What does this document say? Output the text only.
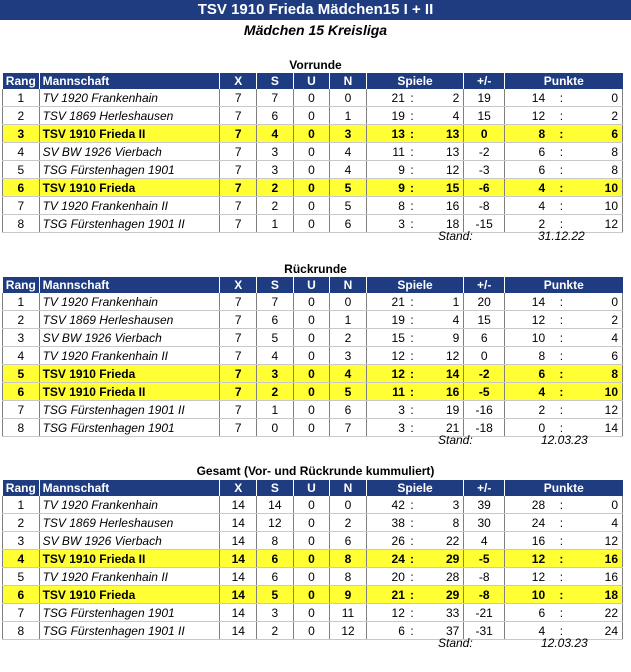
TSV 1910 Frieda Mädchen15 I + II
Mädchen 15 Kreisliga
Vorrunde
Rang	Mannschaft	X	S	U	N	Spiele			+/-	Punkte		
1	TV 1920 Frankenhain	7	7	0	0	21	:	2	19	14	:	0
2	TSV 1869 Herleshausen	7	6	0	1	19	:	4	15	12	:	2
3	TSV 1910 Frieda II	7	4	0	3	13	:	13	0	8	:	6
4	SV BW 1926 Vierbach	7	3	0	4	11	:	13	-2	6	:	8
5	TSG Fürstenhagen 1901	7	3	0	4	9	:	12	-3	6	:	8
6	TSV 1910 Frieda	7	2	0	5	9	:	15	-6	4	:	10
7	TV 1920 Frankenhain II	7	2	0	5	8	:	16	-8	4	:	10
8	TSG Fürstenhagen 1901 II	7	1	0	6	3	:	18	-15	2	:	12
Stand:	31.12.22
Rückrunde
Rang	Mannschaft	X	S	U	N	Spiele			+/-	Punkte		
1	TV 1920 Frankenhain	7	7	0	0	21	:	1	20	14	:	0
2	TSV 1869 Herleshausen	7	6	0	1	19	:	4	15	12	:	2
3	SV BW 1926 Vierbach	7	5	0	2	15	:	9	6	10	:	4
4	TV 1920 Frankenhain II	7	4	0	3	12	:	12	0	8	:	6
5	TSV 1910 Frieda	7	3	0	4	12	:	14	-2	6	:	8
6	TSV 1910 Frieda II	7	2	0	5	11	:	16	-5	4	:	10
7	TSG Fürstenhagen 1901 II	7	1	0	6	3	:	19	-16	2	:	12
8	TSG Fürstenhagen 1901	7	0	0	7	3	:	21	-18	0	:	14
Stand:	12.03.23
Gesamt (Vor- und Rückrunde kummuliert)
Rang	Mannschaft	X	S	U	N	Spiele			+/-	Punkte		
1	TV 1920 Frankenhain	14	14	0	0	42	:	3	39	28	:	0
2	TSV 1869 Herleshausen	14	12	0	2	38	:	8	30	24	:	4
3	SV BW 1926 Vierbach	14	8	0	6	26	:	22	4	16	:	12
4	TSV 1910 Frieda II	14	6	0	8	24	:	29	-5	12	:	16
5	TV 1920 Frankenhain II	14	6	0	8	20	:	28	-8	12	:	16
6	TSV 1910 Frieda	14	5	0	9	21	:	29	-8	10	:	18
7	TSG Fürstenhagen 1901	14	3	0	11	12	:	33	-21	6	:	22
8	TSG Fürstenhagen 1901 II	14	2	0	12	6	:	37	-31	4	:	24
Stand:	12.03.23
